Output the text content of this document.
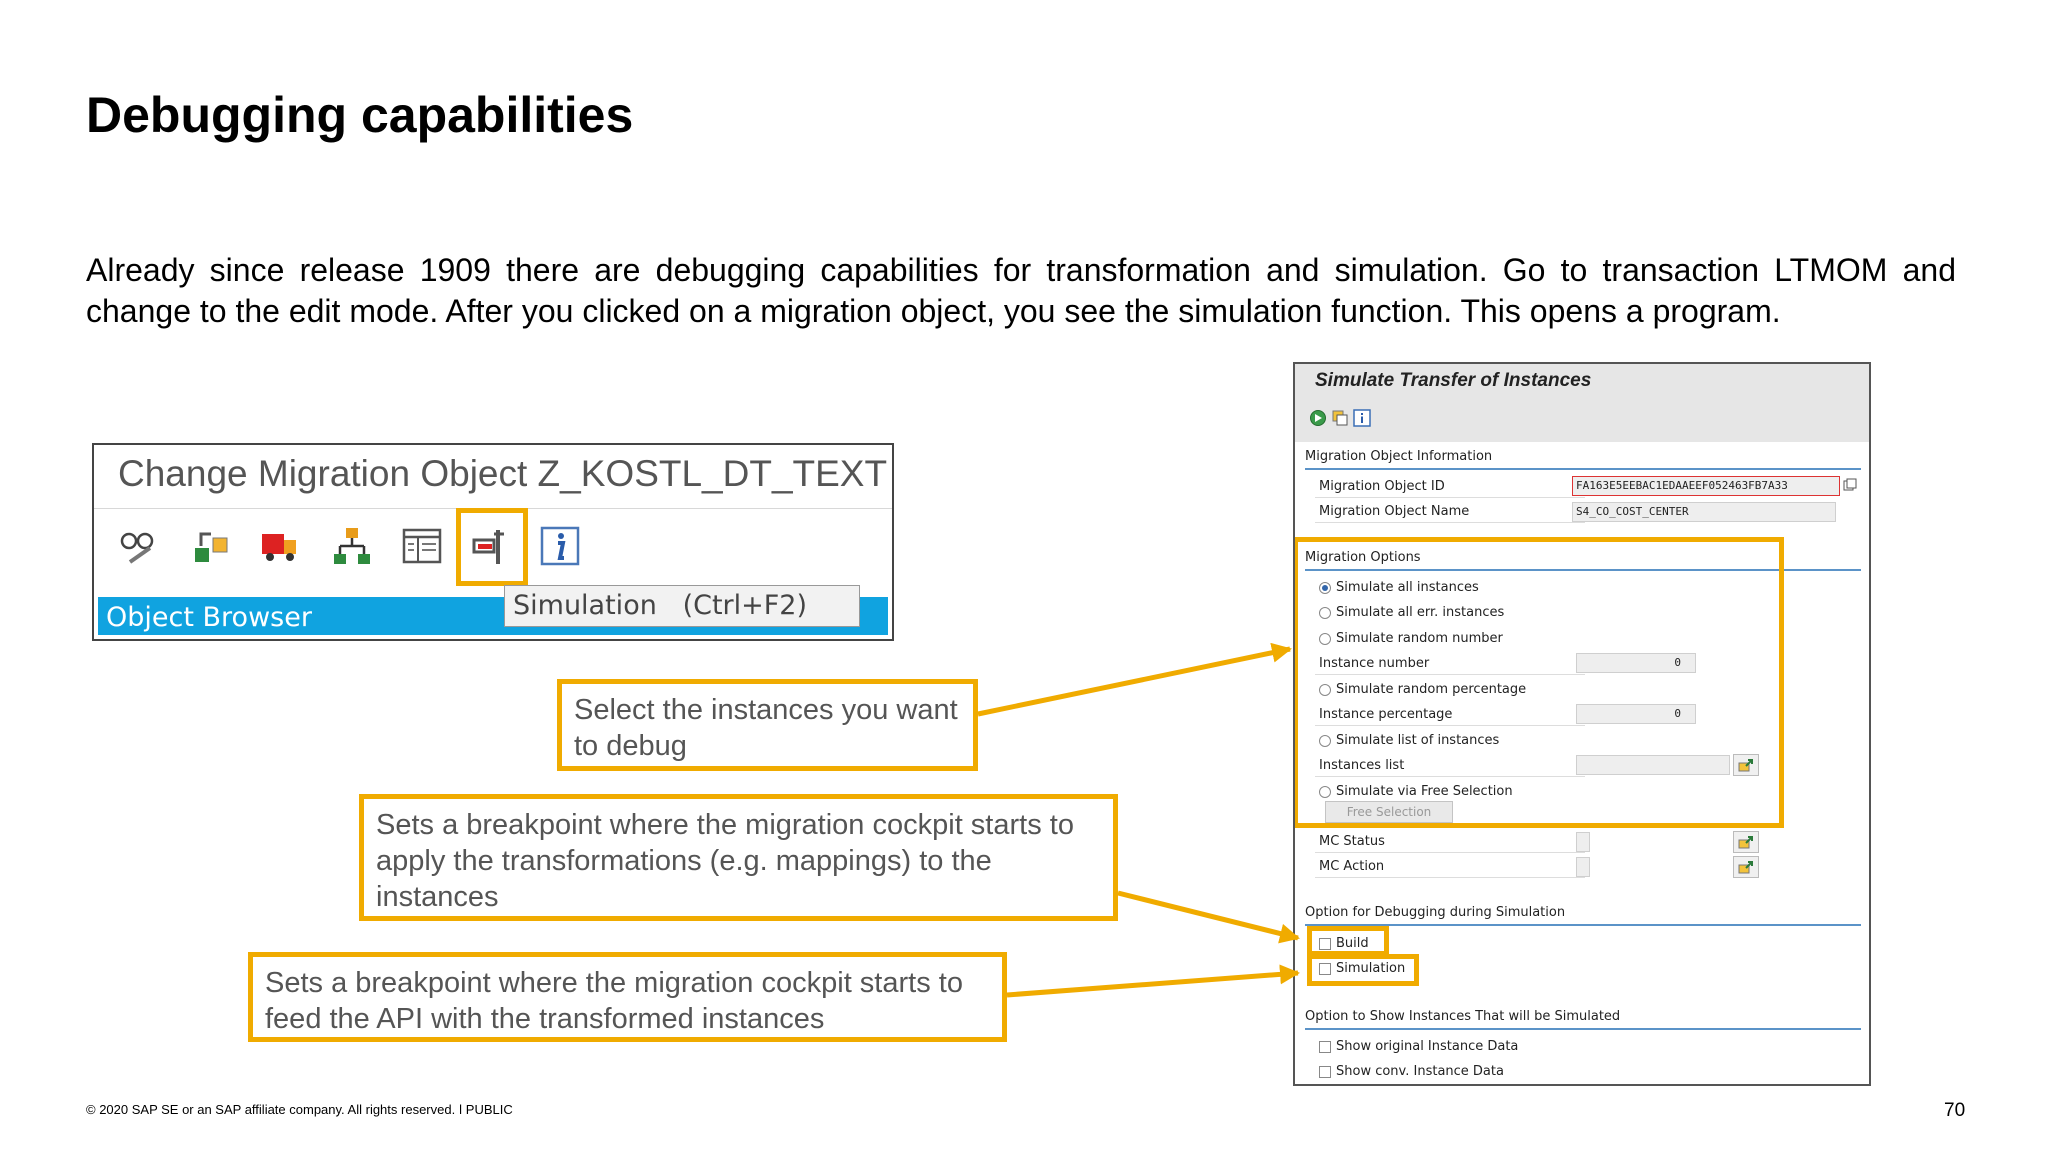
Debugging capabilities
Already since release 1909 there are debugging capabilities for transformation and simulation. Go to transaction LTMOM and change to the edit mode. After you clicked on a migration object, you see the simulation function. This opens a program.
Change Migration Object Z_KOSTL_DT_TEXT
Object Browser	Simulation   (Ctrl+F2)
Select the instances you want to debug
Sets a breakpoint where the migration cockpit starts to apply the transformations (e.g. mappings) to the instances
Sets a breakpoint where the migration cockpit starts to feed the API with the transformed instances
Simulate Transfer of Instances
Migration Object Information
Migration Object ID	FA163E5EEBAC1EDAAEEF052463FB7A33
Migration Object Name	S4_CO_COST_CENTER
Migration Options
Simulate all instances
Simulate all err. instances
Simulate random number
Instance number	0
Simulate random percentage
Instance percentage	0
Simulate list of instances
Instances list
Simulate via Free Selection
Free Selection
MC Status
MC Action
Option for Debugging during Simulation
Build
Simulation
Option to Show Instances That will be Simulated
Show original Instance Data
Show conv. Instance Data
© 2020 SAP SE or an SAP affiliate company. All rights reserved. ǀ PUBLIC	70
